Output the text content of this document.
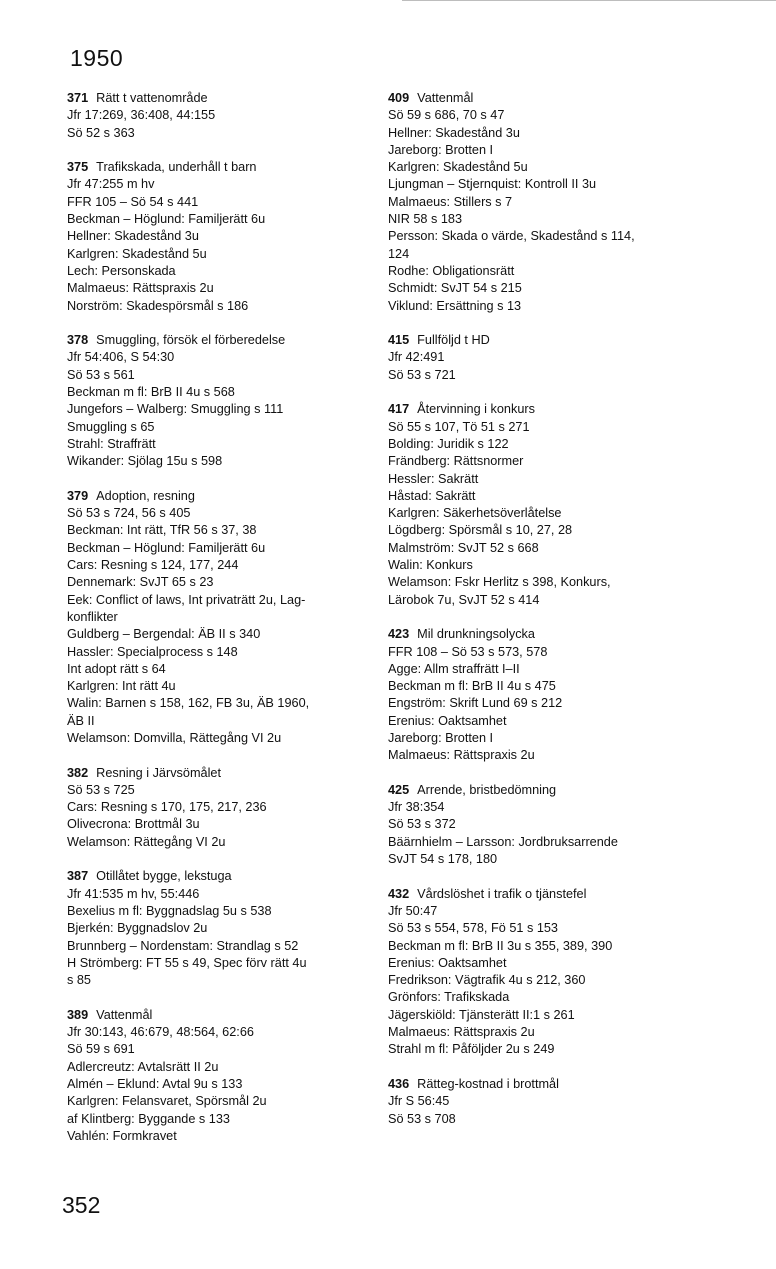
1950
371 Rätt t vattenområde
Jfr 17:269, 36:408, 44:155
Sö 52 s 363
375 Trafikskada, underhåll t barn
Jfr 47:255 m hv
FFR 105 – Sö 54 s 441
Beckman – Höglund: Familjerätt 6u
Hellner: Skadestånd 3u
Karlgren: Skadestånd 5u
Lech: Personskada
Malmaeus: Rättspraxis 2u
Norström: Skadespörsmål s 186
378 Smuggling, försök el förberedelse
Jfr 54:406, S 54:30
Sö 53 s 561
Beckman m fl: BrB II 4u s 568
Jungefors – Walberg: Smuggling s 111
Smuggling s 65
Strahl: Straffrätt
Wikander: Sjölag 15u s 598
379 Adoption, resning
Sö 53 s 724, 56 s 405
Beckman: Int rätt, TfR 56 s 37, 38
Beckman – Höglund: Familjerätt 6u
Cars: Resning s 124, 177, 244
Dennemark: SvJT 65 s 23
Eek: Conflict of laws, Int privaträtt 2u, Lag-
konflikter
Guldberg – Bergendal: ÄB II s 340
Hassler: Specialprocess s 148
Int adopt rätt s 64
Karlgren: Int rätt 4u
Walin: Barnen s 158, 162, FB 3u, ÄB 1960,
ÄB II
Welamson: Domvilla, Rättegång VI 2u
382 Resning i Järvsömålet
Sö 53 s 725
Cars: Resning s 170, 175, 217, 236
Olivecrona: Brottmål 3u
Welamson: Rättegång VI 2u
387 Otillåtet bygge, lekstuga
Jfr 41:535 m hv, 55:446
Bexelius m fl: Byggnadslag 5u s 538
Bjerkén: Byggnadslov 2u
Brunnberg – Nordenstam: Strandlag s 52
H Strömberg: FT 55 s 49, Spec förv rätt 4u
s 85
389 Vattenmål
Jfr 30:143, 46:679, 48:564, 62:66
Sö 59 s 691
Adlercreutz: Avtalsrätt II 2u
Almén – Eklund: Avtal 9u s 133
Karlgren: Felansvaret, Spörsmål 2u
af Klintberg: Byggande s 133
Vahlén: Formkravet
409 Vattenmål
Sö 59 s 686, 70 s 47
Hellner: Skadestånd 3u
Jareborg: Brotten I
Karlgren: Skadestånd 5u
Ljungman – Stjernquist: Kontroll II 3u
Malmaeus: Stillers s 7
NIR 58 s 183
Persson: Skada o värde, Skadestånd s 114,
124
Rodhe: Obligationsrätt
Schmidt: SvJT 54 s 215
Viklund: Ersättning s 13
415 Fullföljd t HD
Jfr 42:491
Sö 53 s 721
417 Återvinning i konkurs
Sö 55 s 107, Tö 51 s 271
Bolding: Juridik s 122
Frändberg: Rättsnormer
Hessler: Sakrätt
Håstad: Sakrätt
Karlgren: Säkerhetsöverlåtelse
Lögdberg: Spörsmål s 10, 27, 28
Malmström: SvJT 52 s 668
Walin: Konkurs
Welamson: Fskr Herlitz s 398, Konkurs,
Lärobok 7u, SvJT 52 s 414
423 Mil drunkningsolycka
FFR 108 – Sö 53 s 573, 578
Agge: Allm straffrätt I–II
Beckman m fl: BrB II 4u s 475
Engström: Skrift Lund 69 s 212
Erenius: Oaktsamhet
Jareborg: Brotten I
Malmaeus: Rättspraxis 2u
425 Arrende, bristbedömning
Jfr 38:354
Sö 53 s 372
Bäärnhielm – Larsson: Jordbruksarrende
SvJT 54 s 178, 180
432 Vårdslöshet i trafik o tjänstefel
Jfr 50:47
Sö 53 s 554, 578, Fö 51 s 153
Beckman m fl: BrB II 3u s 355, 389, 390
Erenius: Oaktsamhet
Fredrikson: Vägtrafik 4u s 212, 360
Grönfors: Trafikskada
Jägerskiöld: Tjänsterätt II:1 s 261
Malmaeus: Rättspraxis 2u
Strahl m fl: Påföljder 2u s 249
436 Rätteg-kostnad i brottmål
Jfr S 56:45
Sö 53 s 708
352
